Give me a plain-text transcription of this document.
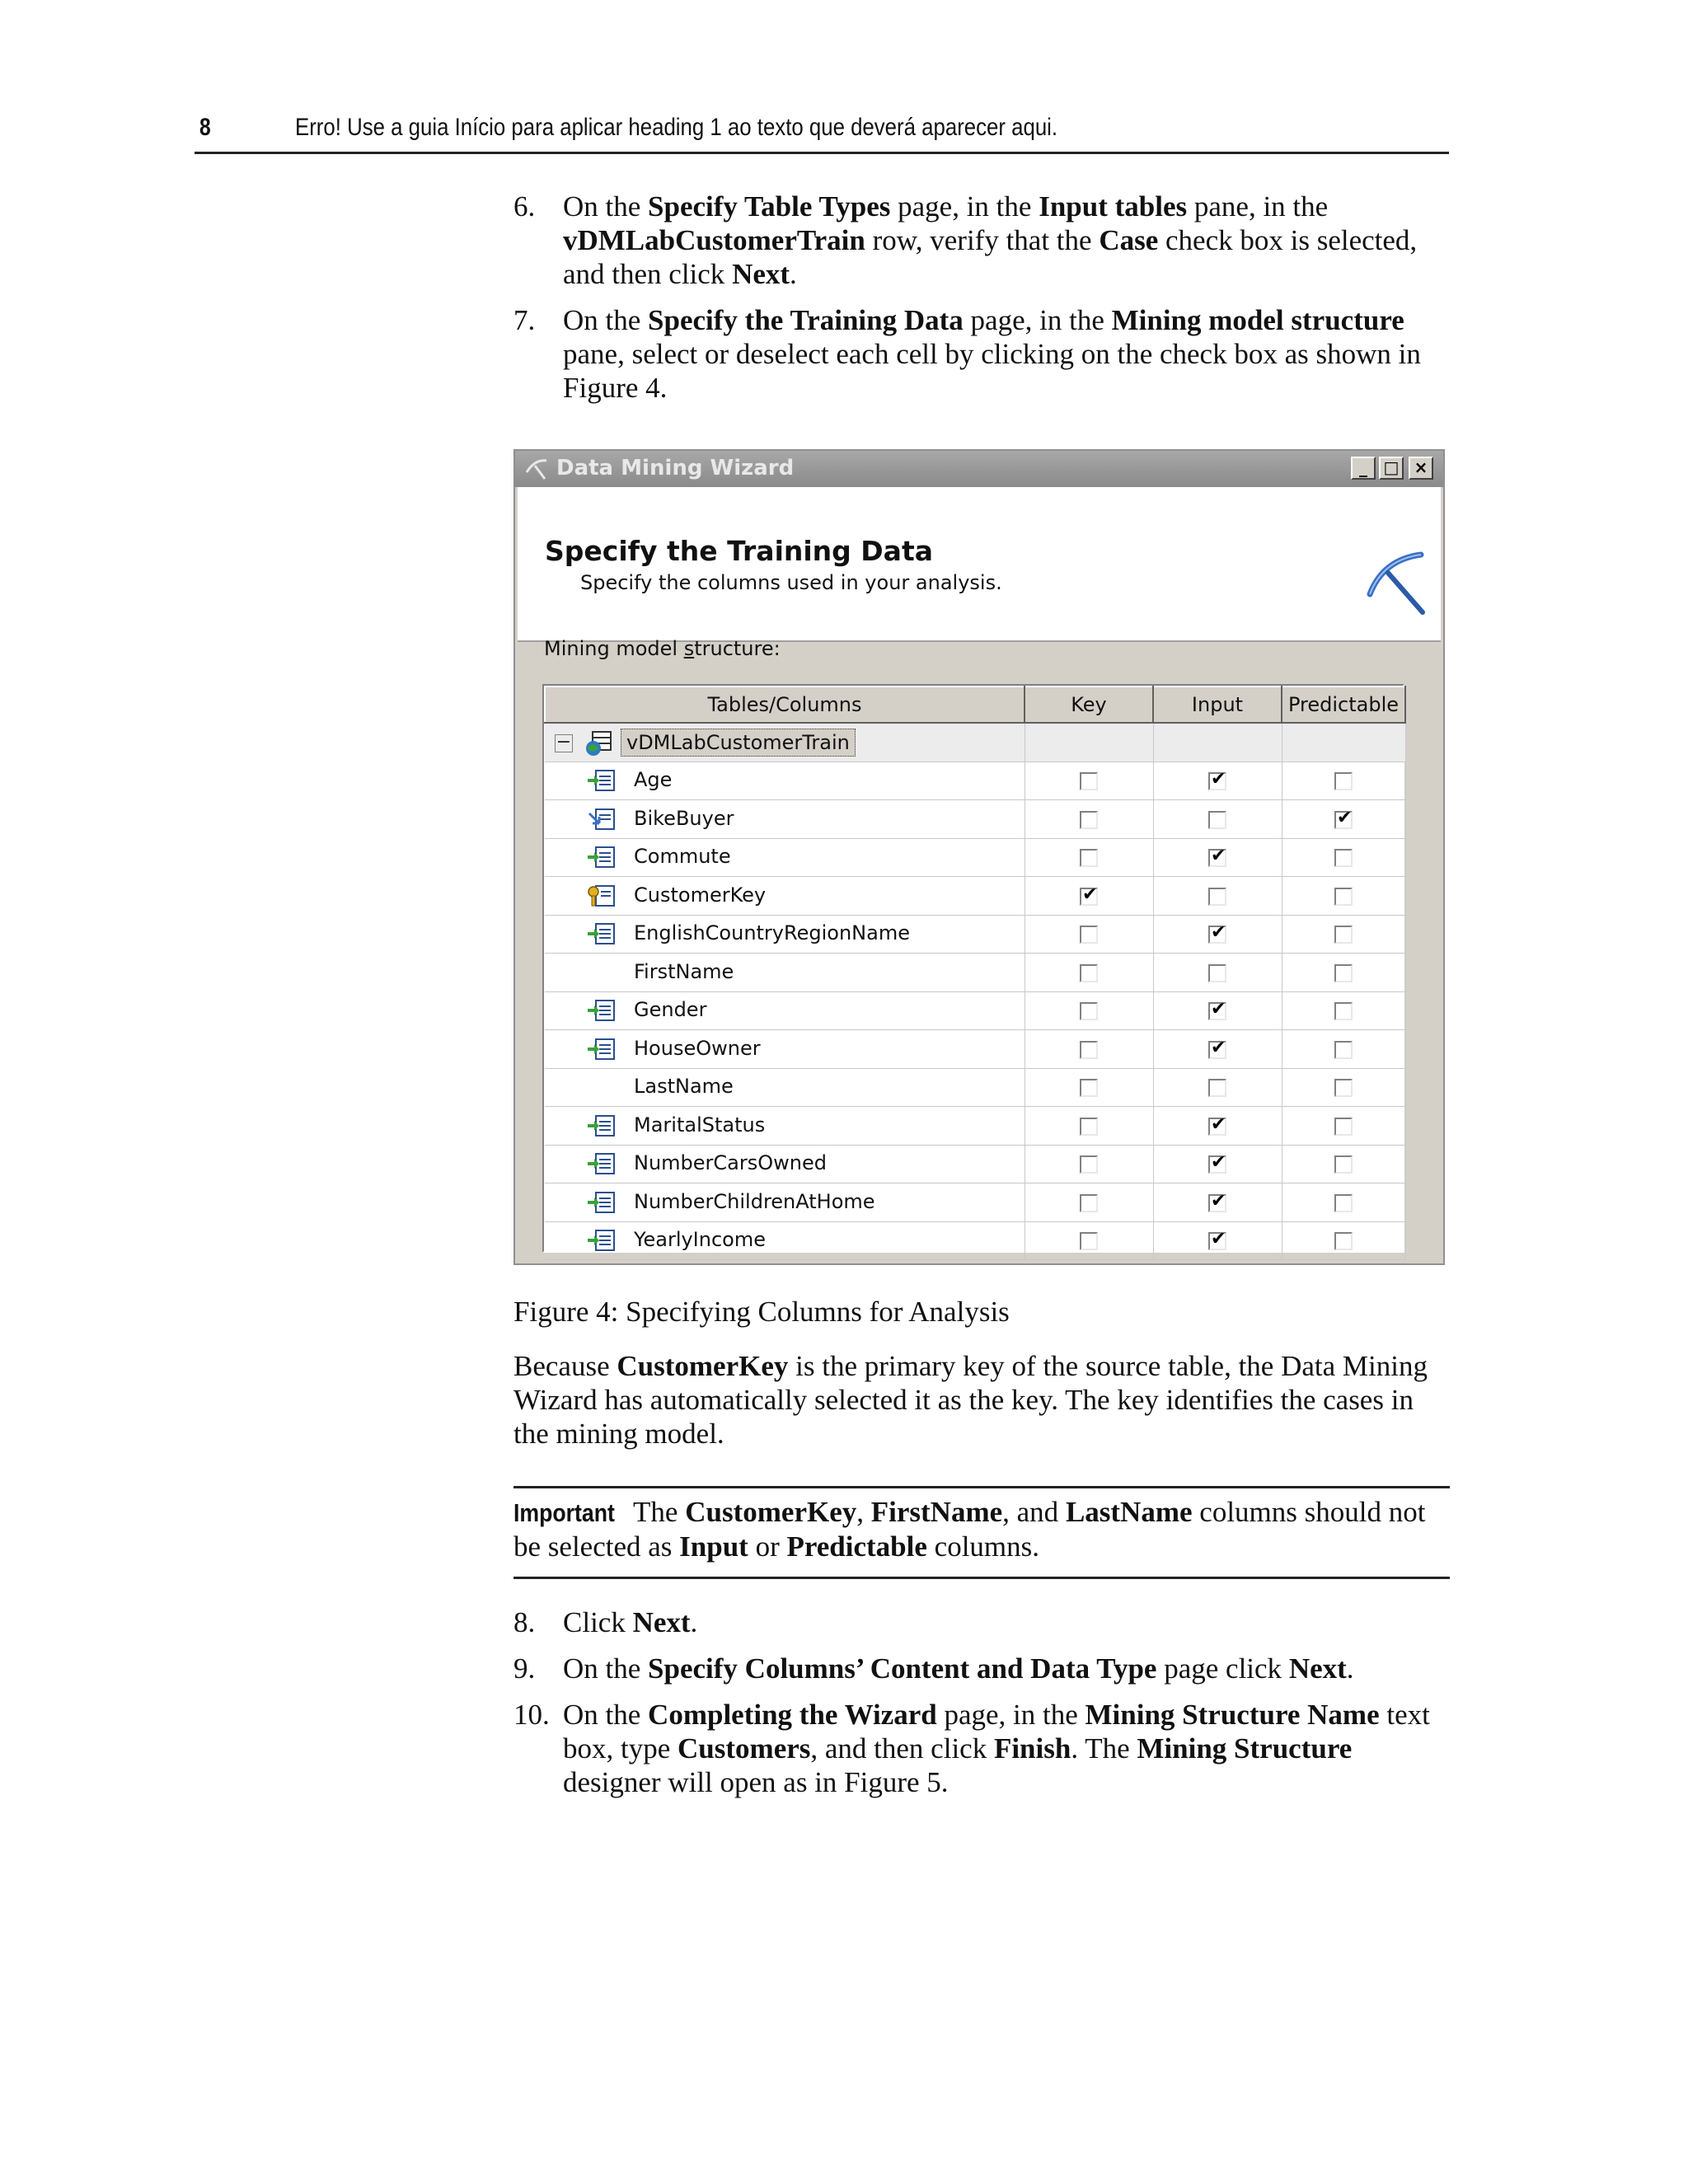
8	Erro! Use a guia Início para aplicar heading 1 ao texto que deverá aparecer aqui.
6. On the Specify Table Types page, in the Input tables pane, in the vDMLabCustomerTrain row, verify that the Case check box is selected, and then click Next.
7. On the Specify the Training Data page, in the Mining model structure pane, select or deselect each cell by clicking on the check box as shown in Figure 4.
Data Mining Wizard	_ □ ×
Specify the Training Data
Specify the columns used in your analysis.
Mining model structure:
Tables/Columns	Key	Input	Predictable
− vDMLabCustomerTrain			
Age		✔	
BikeBuyer			✔
Commute		✔	
CustomerKey	✔		
EnglishCountryRegionName		✔	
FirstName			
Gender		✔	
HouseOwner		✔	
LastName			
MaritalStatus		✔	
NumberCarsOwned		✔	
NumberChildrenAtHome		✔	
YearlyIncome		✔	
Figure 4: Specifying Columns for Analysis
Because CustomerKey is the primary key of the source table, the Data Mining Wizard has automatically selected it as the key. The key identifies the cases in the mining model.
Important The CustomerKey, FirstName, and LastName columns should not be selected as Input or Predictable columns.
8. Click Next.
9. On the Specify Columns’ Content and Data Type page click Next.
10. On the Completing the Wizard page, in the Mining Structure Name text box, type Customers, and then click Finish. The Mining Structure designer will open as in Figure 5.
